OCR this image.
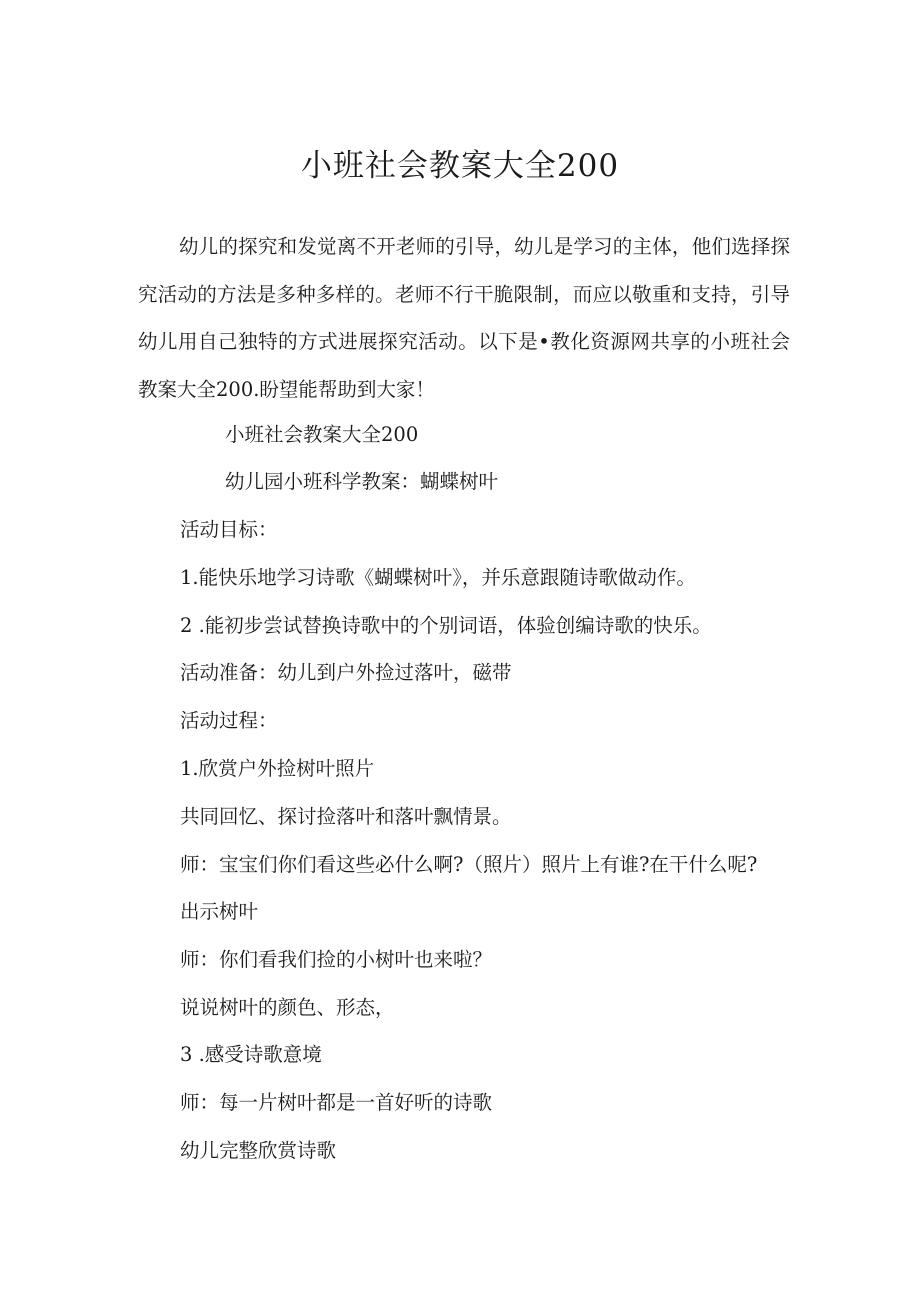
小班社会教案大全200

幼儿的探究和发觉离不开老师的引导，幼儿是学习的主体，他们选择探究活动的方法是多种多样的。老师不行干脆限制，而应以敬重和支持，引导幼儿用自己独特的方式进展探究活动。以下是•教化资源网共享的小班社会教案大全200.盼望能帮助到大家！

小班社会教案大全200

幼儿园小班科学教案：蝴蝶树叶

活动目标：

1.能快乐地学习诗歌《蝴蝶树叶》，并乐意跟随诗歌做动作。

2 .能初步尝试替换诗歌中的个别词语，体验创编诗歌的快乐。

活动准备：幼儿到户外捡过落叶，磁带

活动过程：

1.欣赏户外捡树叶照片

共同回忆、探讨捡落叶和落叶飘情景。

师：宝宝们你们看这些必什么啊?（照片）照片上有谁?在干什么呢?

出示树叶

师：你们看我们捡的小树叶也来啦？

说说树叶的颜色、形态，

3 .感受诗歌意境

师：每一片树叶都是一首好听的诗歌

幼儿完整欣赏诗歌
